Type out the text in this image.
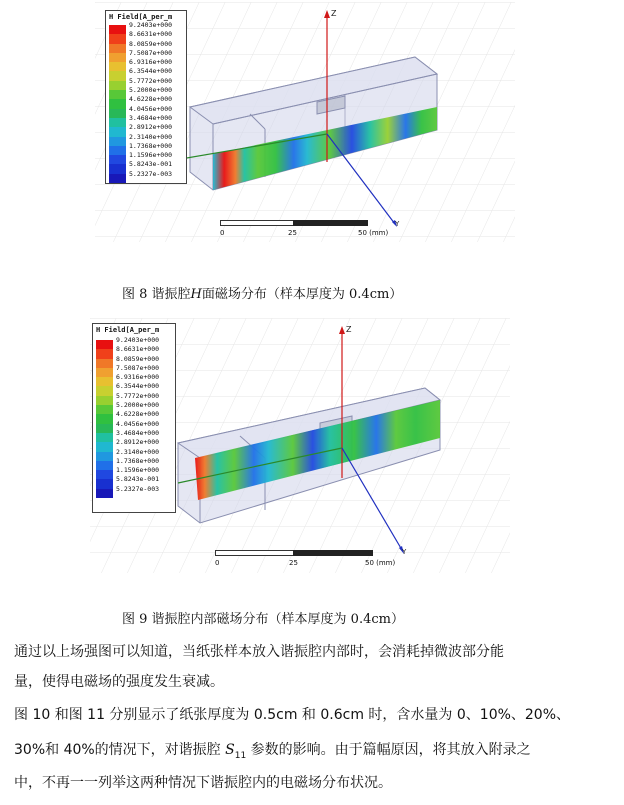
Z
Y
H Field[A_per_m
9.2403e+000
8.6631e+000
8.0859e+000
7.5087e+000
6.9316e+000
6.3544e+000
5.7772e+000
5.2000e+000
4.6228e+000
4.0456e+000
3.4684e+000
2.8912e+000
2.3140e+000
1.7368e+000
1.1596e+000
5.8243e-001
5.2327e-003
0	25	50 (mm)
图 8 谐振腔H面磁场分布（样本厚度为 0.4cm）
Z
Y
H Field[A_per_m
9.2403e+000
8.6631e+000
8.0859e+000
7.5087e+000
6.9316e+000
6.3544e+000
5.7772e+000
5.2000e+000
4.6228e+000
4.0456e+000
3.4684e+000
2.8912e+000
2.3140e+000
1.7368e+000
1.1596e+000
5.8243e-001
5.2327e-003
0	25	50 (mm)
图 9 谐振腔内部磁场分布（样本厚度为 0.4cm）
通过以上场强图可以知道，当纸张样本放入谐振腔内部时，会消耗掉微波部分能
量，使得电磁场的强度发生衰减。
图 10 和图 11 分别显示了纸张厚度为 0.5cm 和 0.6cm 时，含水量为 0、10%、20%、
30%和 40%的情况下，对谐振腔 $S_{11}$ 参数的影响。由于篇幅原因，将其放入附录之
中，不再一一列举这两种情况下谐振腔内的电磁场分布状况。
